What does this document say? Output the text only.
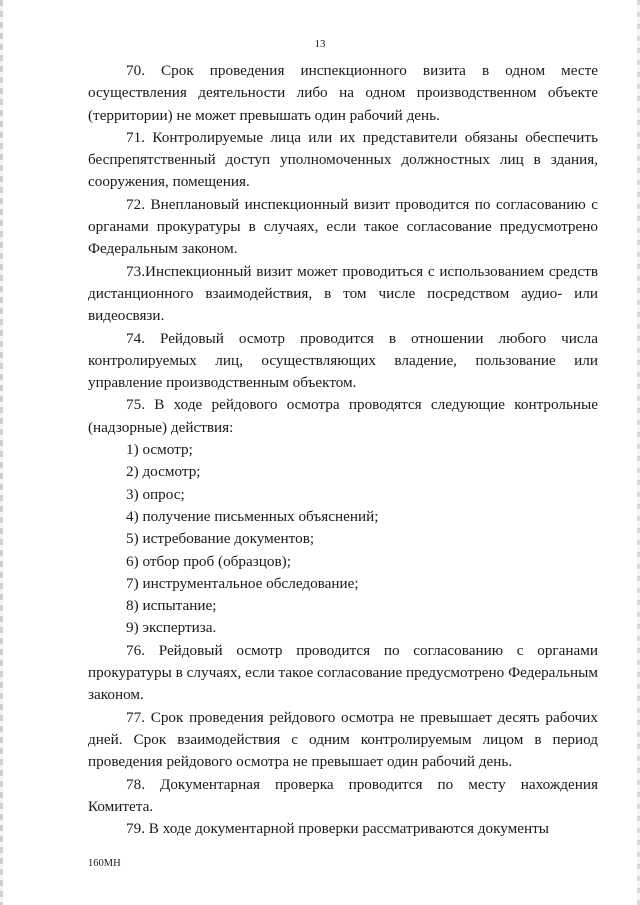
13

70. Срок проведения инспекционного визита в одном месте осуществления деятельности либо на одном производственном объекте (территории) не может превышать один рабочий день.

71. Контролируемые лица или их представители обязаны обеспечить беспрепятственный доступ уполномоченных должностных лиц в здания, сооружения, помещения.

72. Внеплановый инспекционный визит проводится по согласованию с органами прокуратуры в случаях, если такое согласование предусмотрено Федеральным законом.

73.Инспекционный визит может проводиться с использованием средств дистанционного взаимодействия, в том числе посредством аудио- или видеосвязи.

74. Рейдовый осмотр проводится в отношении любого числа контролируемых лиц, осуществляющих владение, пользование или управление производственным объектом.

75. В ходе рейдового осмотра проводятся следующие контрольные (надзорные) действия:

1) осмотр;

2) досмотр;

3) опрос;

4) получение письменных объяснений;

5) истребование документов;

6) отбор проб (образцов);

7) инструментальное обследование;

8) испытание;

9) экспертиза.

76. Рейдовый осмотр проводится по согласованию с органами прокуратуры в случаях, если такое согласование предусмотрено Федеральным законом.

77. Срок проведения рейдового осмотра не превышает десять рабочих дней. Срок взаимодействия с одним контролируемым лицом в период проведения рейдового осмотра не превышает один рабочий день.

78. Документарная проверка проводится по месту нахождения Комитета.

79. В ходе документарной проверки рассматриваются документы

160МН
